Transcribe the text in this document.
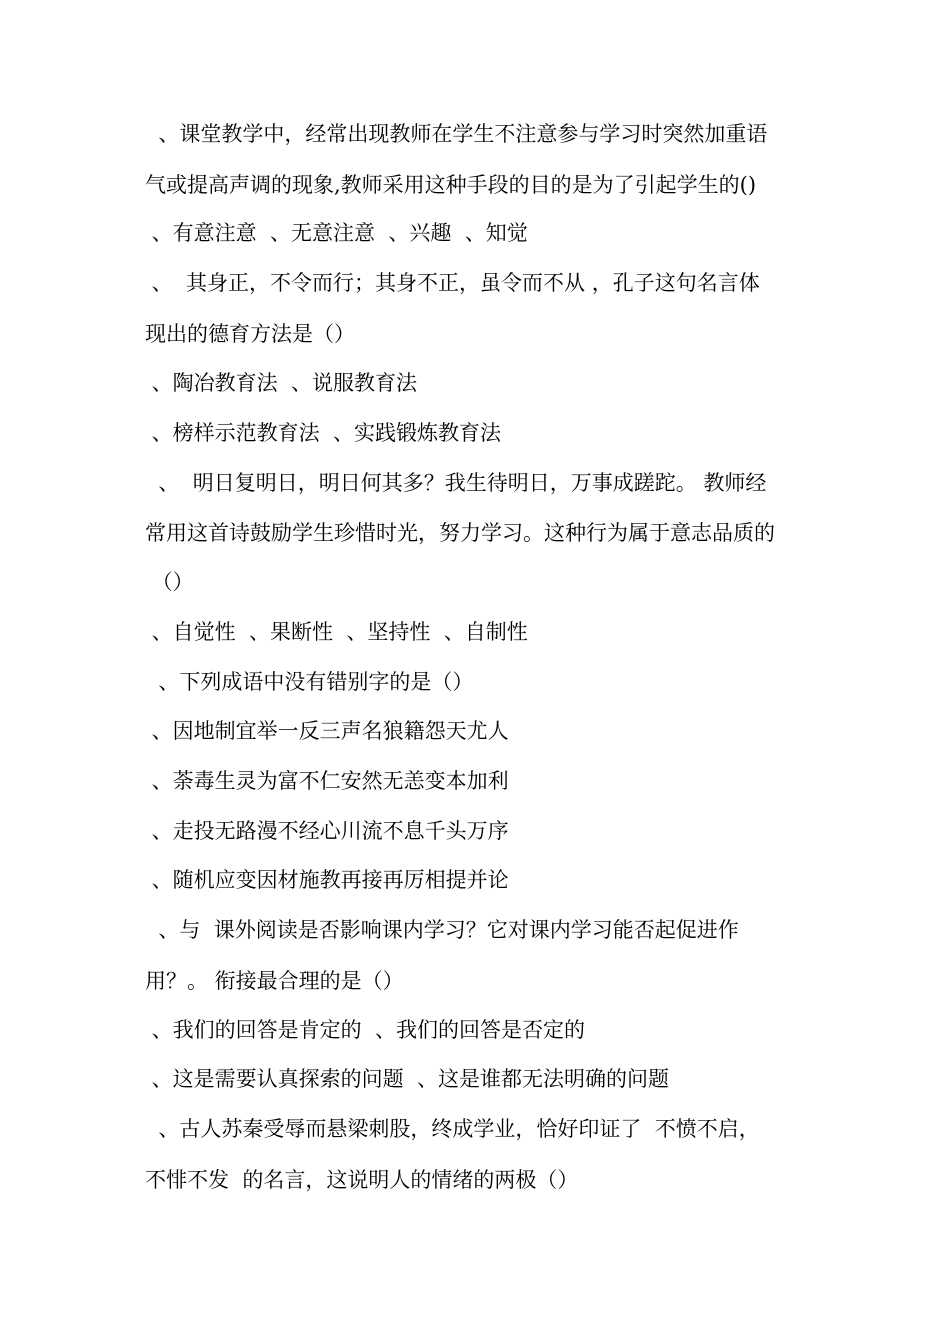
、课堂教学中，经常出现教师在学生不注意参与学习时突然加重语
气或提高声调的现象,教师采用这种手段的目的是为了引起学生的()
、有意注意  、无意注意  、兴趣  、知觉
、  其身正，不令而行；其身不正，虽令而不从 ，孔子这句名言体
现出的德育方法是（）
、陶冶教育法  、说服教育法
、榜样示范教育法  、实践锻炼教育法
、  明日复明日，明日何其多？我生待明日，万事成蹉跎。 教师经
常用这首诗鼓励学生珍惜时光，努力学习。这种行为属于意志品质的
（）
、自觉性  、果断性  、坚持性  、自制性
、下列成语中没有错别字的是（）
、因地制宜举一反三声名狼籍怨天尤人
、荼毒生灵为富不仁安然无恙变本加利
、走投无路漫不经心川流不息千头万序
、随机应变因材施教再接再厉相提并论
、与  课外阅读是否影响课内学习？它对课内学习能否起促进作
用？。 衔接最合理的是（）
、我们的回答是肯定的  、我们的回答是否定的
、这是需要认真探索的问题  、这是谁都无法明确的问题
、古人苏秦受辱而悬梁刺股，终成学业，恰好印证了  不愤不启，
不悱不发  的名言，这说明人的情绪的两极（）
